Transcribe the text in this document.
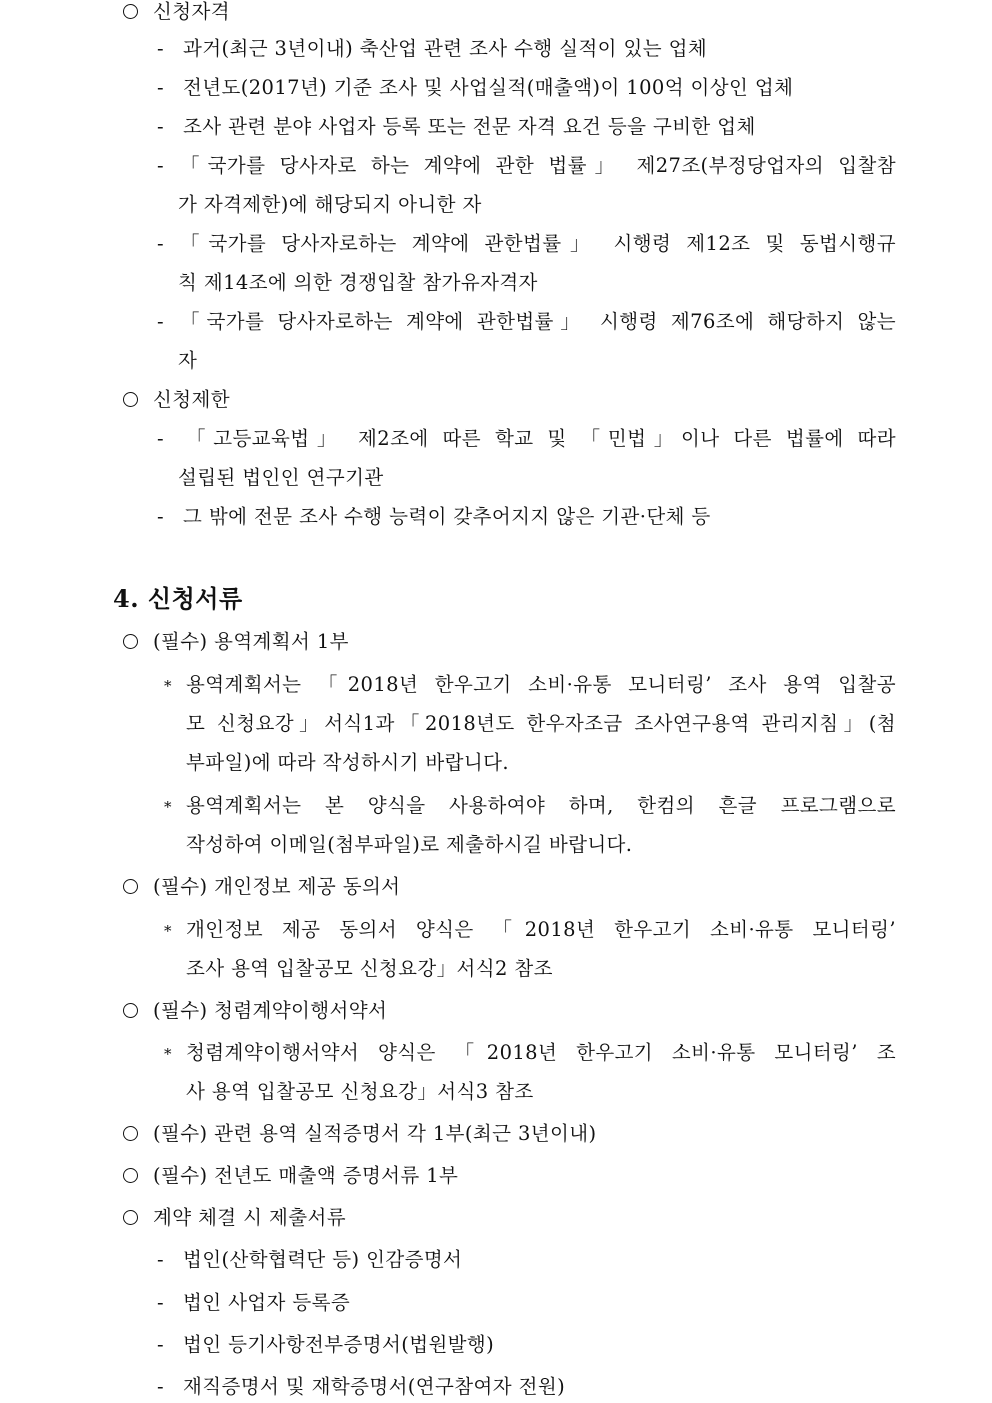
신청자격
- 과거(최근 3년이내) 축산업 관련 조사 수행 실적이 있는 업체
- 전년도(2017년) 기준 조사 및 사업실적(매출액)이 100억 이상인 업체
- 조사 관련 분야 사업자 등록 또는 전문 자격 요건 등을 구비한 업체
- 「국가를 당사자로 하는 계약에 관한 법률」 제27조(부정당업자의 입찰참
가 자격제한)에 해당되지 아니한 자
- 「국가를 당사자로하는 계약에 관한법률」 시행령 제12조 및 동법시행규
칙 제14조에 의한 경쟁입찰 참가유자격자
- 「국가를 당사자로하는 계약에 관한법률」 시행령 제76조에 해당하지 않는
자
신청제한
- 「고등교육법」 제2조에 따른 학교 및 「민법」이나 다른 법률에 따라
설립된 법인인 연구기관
- 그 밖에 전문 조사 수행 능력이 갖추어지지 않은 기관·단체 등
4. 신청서류
(필수) 용역계획서 1부
* 용역계획서는 「2018년 한우고기 소비·유통 모니터링’ 조사 용역 입찰공
모 신청요강」서식1과「2018년도 한우자조금 조사연구용역 관리지침」(첨
부파일)에 따라 작성하시기 바랍니다.
* 용역계획서는 본 양식을 사용하여야 하며, 한컴의 흔글 프로그램으로
작성하여 이메일(첨부파일)로 제출하시길 바랍니다.
(필수) 개인정보 제공 동의서
* 개인정보 제공 동의서 양식은 「2018년 한우고기 소비·유통 모니터링’
조사 용역 입찰공모 신청요강」서식2 참조
(필수) 청렴계약이행서약서
* 청렴계약이행서약서 양식은 「2018년 한우고기 소비·유통 모니터링’ 조
사 용역 입찰공모 신청요강」서식3 참조
(필수) 관련 용역 실적증명서 각 1부(최근 3년이내)
(필수) 전년도 매출액 증명서류 1부
계약 체결 시 제출서류
- 법인(산학협력단 등) 인감증명서
- 법인 사업자 등록증
- 법인 등기사항전부증명서(법원발행)
- 재직증명서 및 재학증명서(연구참여자 전원)
